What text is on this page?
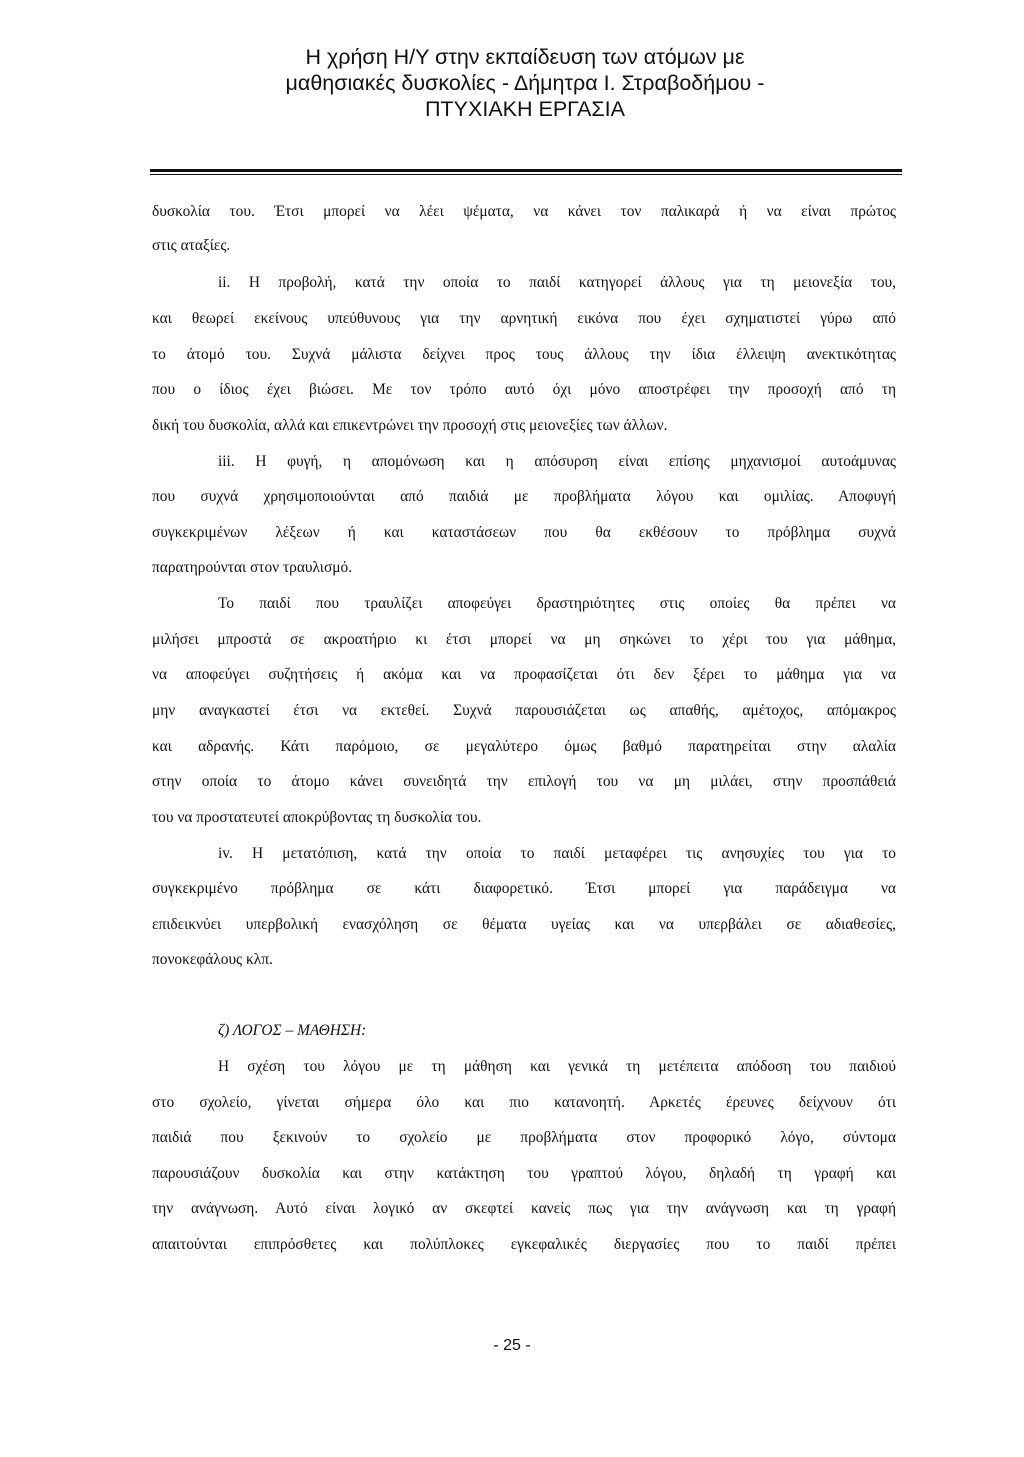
Η χρήση Η/Υ στην εκπαίδευση των ατόμων με
μαθησιακές δυσκολίες - Δήμητρα Ι. Στραβοδήμου -
ΠΤΥΧΙΑΚΗ ΕΡΓΑΣΙΑ
δυσκολία του. Έτσι μπορεί να λέει ψέματα, να κάνει τον παλικαρά ή να είναι πρώτος
στις αταξίες.
ii. Η προβολή, κατά την οποία το παιδί κατηγορεί άλλους για τη μειονεξία του,
και θεωρεί εκείνους υπεύθυνους για την αρνητική εικόνα που έχει σχηματιστεί γύρω από
το άτομό του. Συχνά μάλιστα δείχνει προς τους άλλους την ίδια έλλειψη ανεκτικότητας
που ο ίδιος έχει βιώσει. Με τον τρόπο αυτό όχι μόνο αποστρέφει την προσοχή από τη
δική του δυσκολία, αλλά και επικεντρώνει την προσοχή στις μειονεξίες των άλλων.
iii. Η φυγή, η απομόνωση και η απόσυρση είναι επίσης μηχανισμοί αυτοάμυνας
που συχνά χρησιμοποιούνται από παιδιά με προβλήματα λόγου και ομιλίας. Αποφυγή
συγκεκριμένων λέξεων ή και καταστάσεων που θα εκθέσουν το πρόβλημα συχνά
παρατηρούνται στον τραυλισμό.
Το παιδί που τραυλίζει αποφεύγει δραστηριότητες στις οποίες θα πρέπει να
μιλήσει μπροστά σε ακροατήριο κι έτσι μπορεί να μη σηκώνει το χέρι του για μάθημα,
να αποφεύγει συζητήσεις ή ακόμα και να προφασίζεται ότι δεν ξέρει το μάθημα για να
μην αναγκαστεί έτσι να εκτεθεί. Συχνά παρουσιάζεται ως απαθής, αμέτοχος, απόμακρος
και αδρανής. Κάτι παρόμοιο, σε μεγαλύτερο όμως βαθμό παρατηρείται στην αλαλία
στην οποία το άτομο κάνει συνειδητά την επιλογή του να μη μιλάει, στην προσπάθειά
του να προστατευτεί αποκρύβοντας τη δυσκολία του.
iv. Η μετατόπιση, κατά την οποία το παιδί μεταφέρει τις ανησυχίες του για το
συγκεκριμένο πρόβλημα σε κάτι διαφορετικό. Έτσι μπορεί για παράδειγμα να
επιδεικνύει υπερβολική ενασχόληση σε θέματα υγείας και να υπερβάλει σε αδιαθεσίες,
πονοκεφάλους κλπ.
ζ) ΛΟΓΟΣ – ΜΑΘΗΣΗ:
Η σχέση του λόγου με τη μάθηση και γενικά τη μετέπειτα απόδοση του παιδιού
στο σχολείο, γίνεται σήμερα όλο και πιο κατανοητή. Αρκετές έρευνες δείχνουν ότι
παιδιά που ξεκινούν το σχολείο με προβλήματα στον προφορικό λόγο, σύντομα
παρουσιάζουν δυσκολία και στην κατάκτηση του γραπτού λόγου, δηλαδή τη γραφή και
την ανάγνωση. Αυτό είναι λογικό αν σκεφτεί κανείς πως για την ανάγνωση και τη γραφή
απαιτούνται επιπρόσθετες και πολύπλοκες εγκεφαλικές διεργασίες που το παιδί πρέπει
- 25 -
